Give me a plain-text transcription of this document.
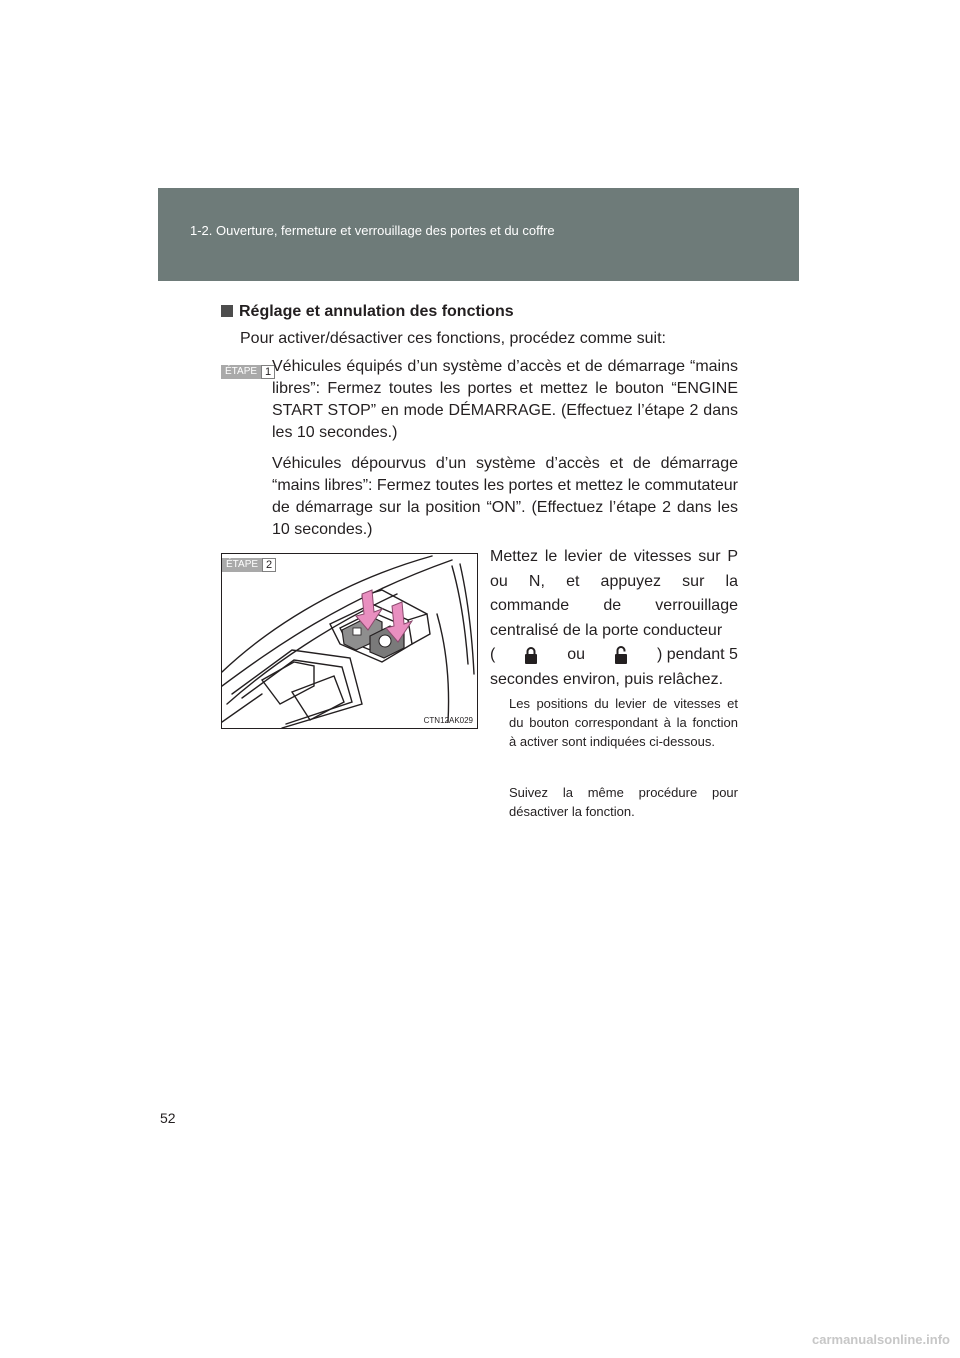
1-2. Ouverture, fermeture et verrouillage des portes et du coffre
Réglage et annulation des fonctions
Pour activer/désactiver ces fonctions, procédez comme suit:
ÉTAPE 1 Véhicules équipés d’un système d’accès et de démarrage “mains libres”: Fermez toutes les portes et mettez le bouton “ENGINE START STOP” en mode DÉMARRAGE. (Effectuez l’étape 2 dans les 10 secondes.)
Véhicules dépourvus d’un système d’accès et de démarrage “mains libres”: Fermez toutes les portes et mettez le commutateur de démarrage sur la position “ON”. (Effectuez l’étape 2 dans les 10 secondes.)
ÉTAPE 2
CTN12AK029
Mettez le levier de vitesses sur P ou N, et appuyez sur la commande de verrouillage centralisé de la porte conducteur
(	ou	) pendant 5
secondes environ, puis relâchez.
Les positions du levier de vitesses et du bouton correspondant à la fonction à activer sont indiquées ci-dessous.
Suivez la même procédure pour désactiver la fonction.
52
carmanualsonline.info
